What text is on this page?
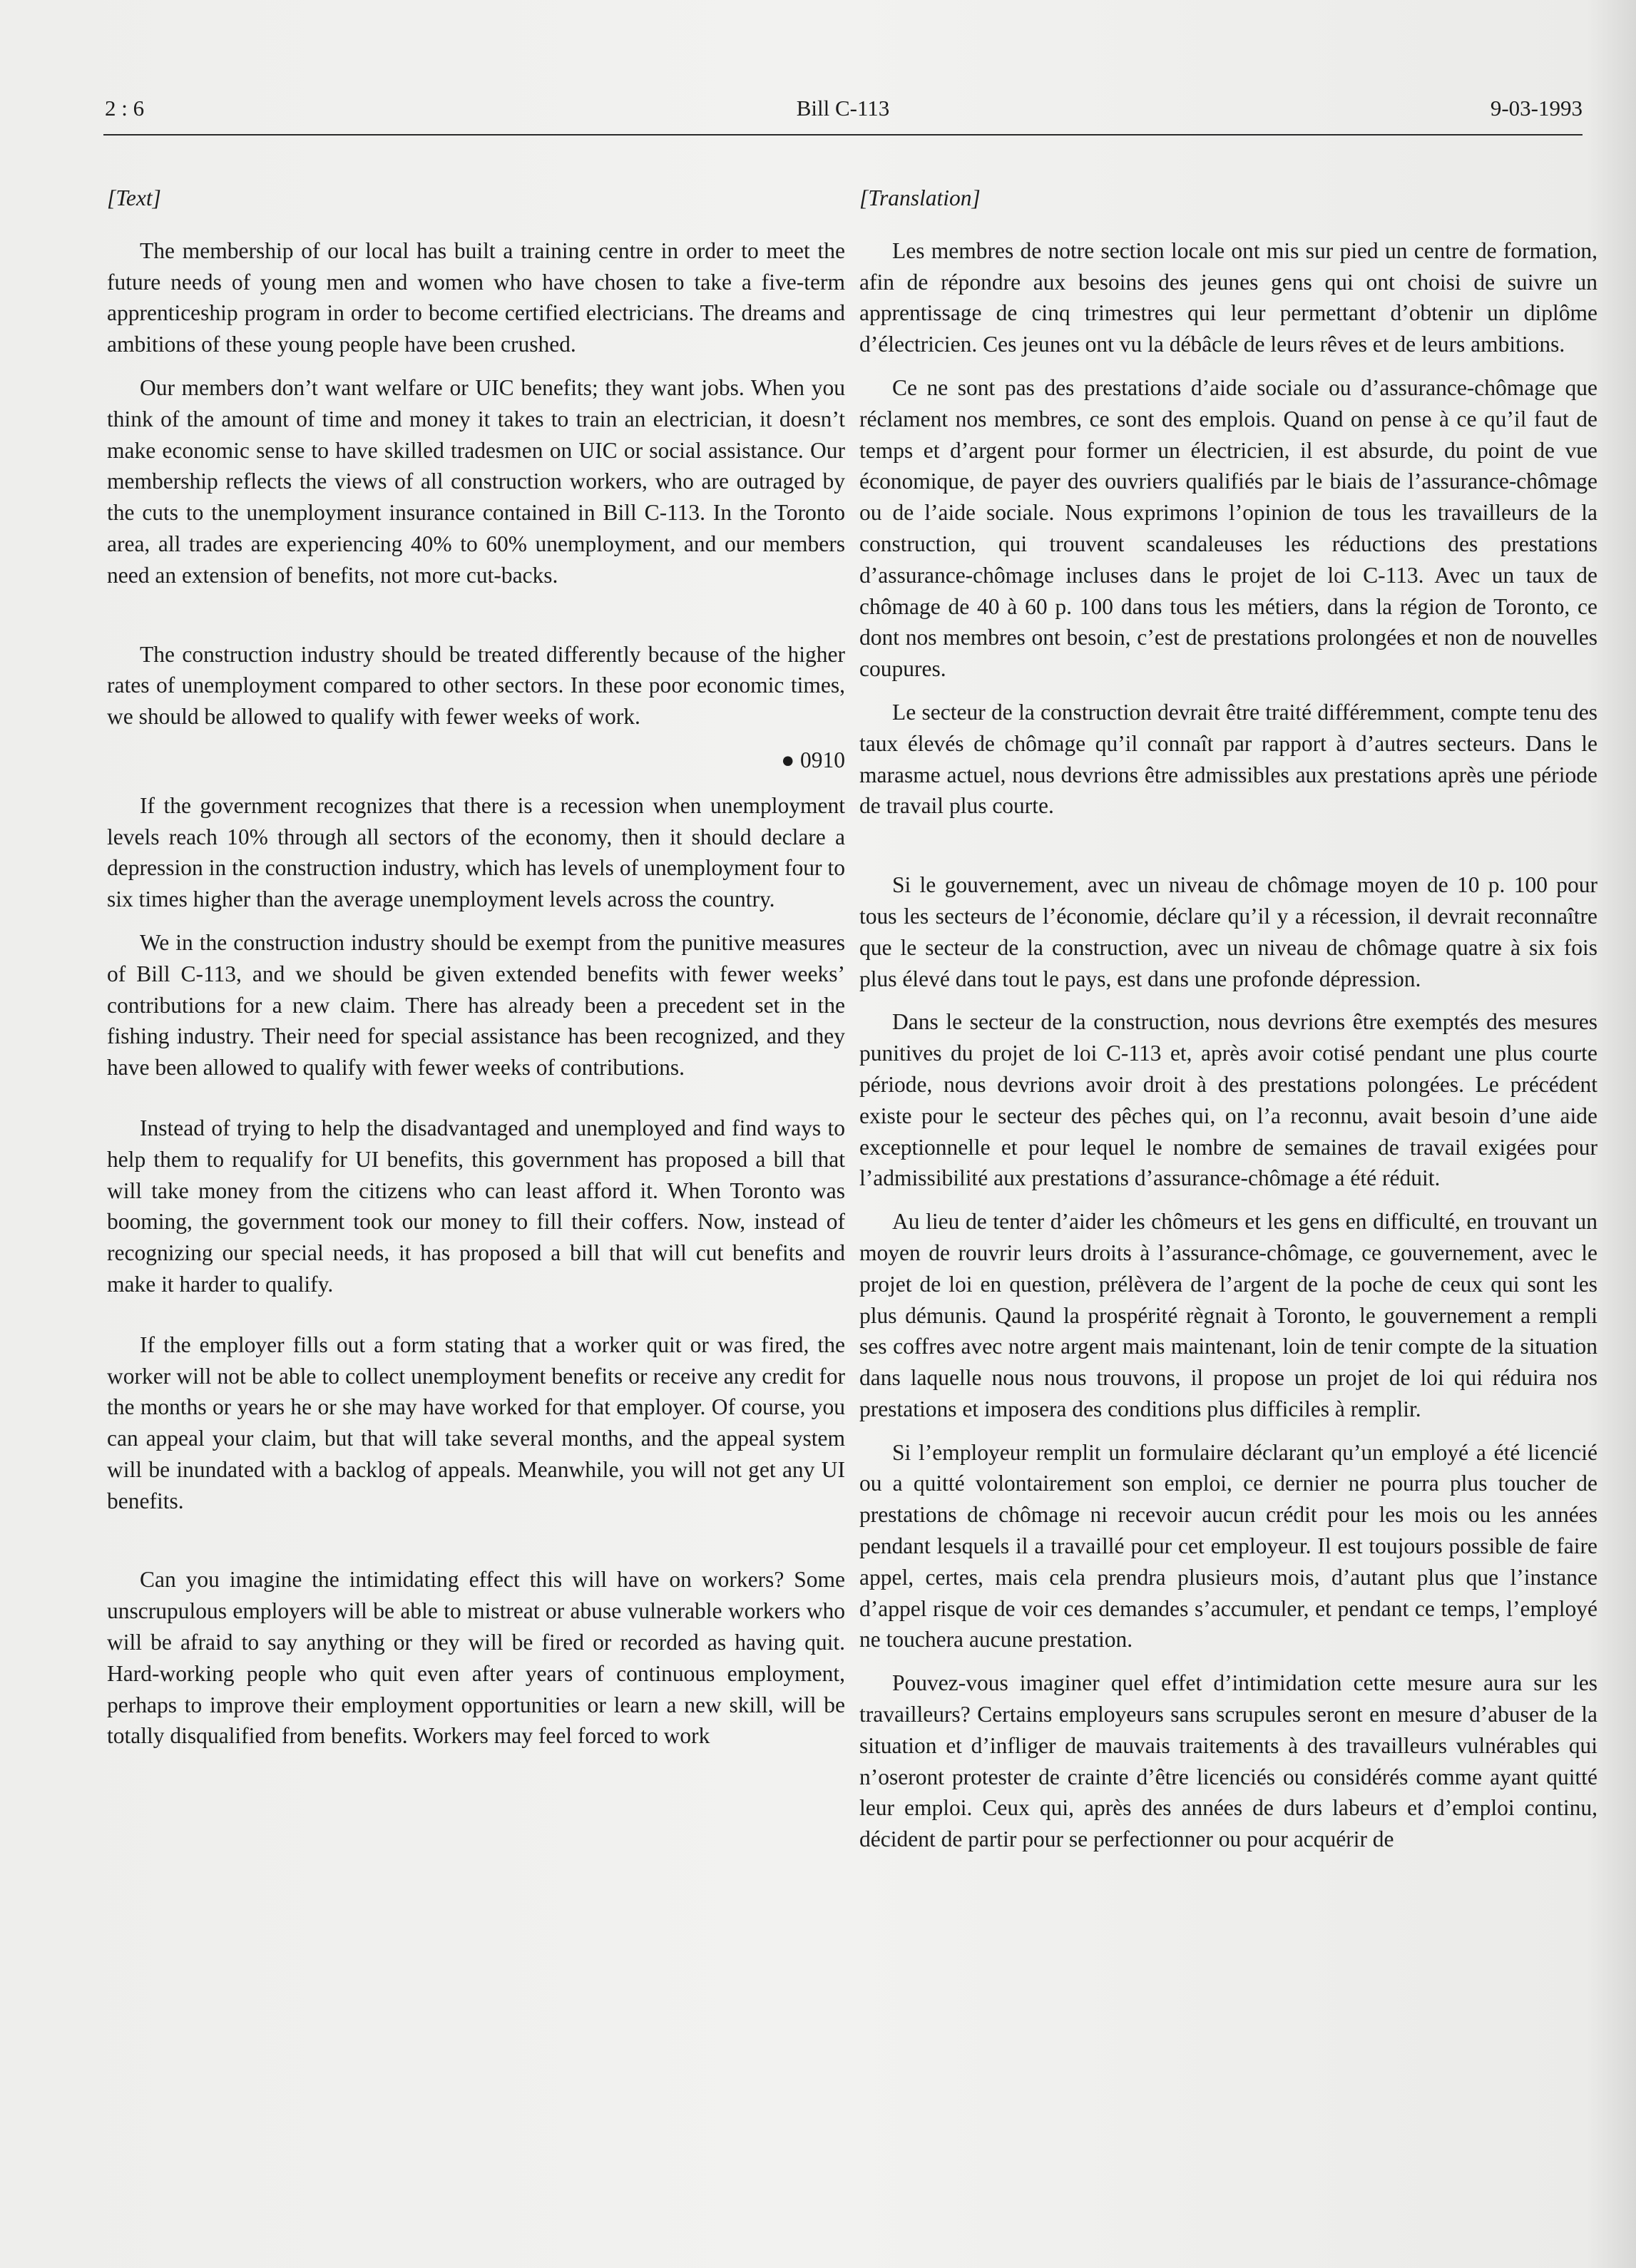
2 : 6	Bill C-113	9-03-1993
[Text]

The membership of our local has built a training centre in order to meet the future needs of young men and women who have chosen to take a five-term apprenticeship program in order to become certified electricians. The dreams and ambitions of these young people have been crushed.

Our members don’t want welfare or UIC benefits; they want jobs. When you think of the amount of time and money it takes to train an electrician, it doesn’t make economic sense to have skilled tradesmen on UIC or social assistance. Our membership reflects the views of all construction workers, who are outraged by the cuts to the unemployment insurance contained in Bill C-113. In the Toronto area, all trades are experiencing 40% to 60% unemployment, and our members need an extension of benefits, not more cut-backs.

The construction industry should be treated differently because of the higher rates of unemployment compared to other sectors. In these poor economic times, we should be allowed to qualify with fewer weeks of work.

● 0910

If the government recognizes that there is a recession when unemployment levels reach 10% through all sectors of the economy, then it should declare a depression in the construction industry, which has levels of unemployment four to six times higher than the average unemployment levels across the country.

We in the construction industry should be exempt from the punitive measures of Bill C-113, and we should be given extended benefits with fewer weeks’ contributions for a new claim. There has already been a precedent set in the fishing industry. Their need for special assistance has been recognized, and they have been allowed to qualify with fewer weeks of contributions.

Instead of trying to help the disadvantaged and unemployed and find ways to help them to requalify for UI benefits, this government has proposed a bill that will take money from the citizens who can least afford it. When Toronto was booming, the government took our money to fill their coffers. Now, instead of recognizing our special needs, it has proposed a bill that will cut benefits and make it harder to qualify.

If the employer fills out a form stating that a worker quit or was fired, the worker will not be able to collect unemployment benefits or receive any credit for the months or years he or she may have worked for that employer. Of course, you can appeal your claim, but that will take several months, and the appeal system will be inundated with a backlog of appeals. Meanwhile, you will not get any UI benefits.

Can you imagine the intimidating effect this will have on workers? Some unscrupulous employers will be able to mistreat or abuse vulnerable workers who will be afraid to say anything or they will be fired or recorded as having quit. Hard-working people who quit even after years of continuous employment, perhaps to improve their employment opportunities or learn a new skill, will be totally disqualified from benefits. Workers may feel forced to work

[Translation]

Les membres de notre section locale ont mis sur pied un centre de formation, afin de répondre aux besoins des jeunes gens qui ont choisi de suivre un apprentissage de cinq trimestres qui leur permettant d’obtenir un diplôme d’électricien. Ces jeunes ont vu la débâcle de leurs rêves et de leurs ambitions.

Ce ne sont pas des prestations d’aide sociale ou d’assurance-chômage que réclament nos membres, ce sont des emplois. Quand on pense à ce qu’il faut de temps et d’argent pour former un électricien, il est absurde, du point de vue économique, de payer des ouvriers qualifiés par le biais de l’assurance-chômage ou de l’aide sociale. Nous exprimons l’opinion de tous les travailleurs de la construction, qui trouvent scandaleuses les réductions des prestations d’assurance-chômage incluses dans le projet de loi C-113. Avec un taux de chômage de 40 à 60 p. 100 dans tous les métiers, dans la région de Toronto, ce dont nos membres ont besoin, c’est de prestations prolongées et non de nouvelles coupures.

Le secteur de la construction devrait être traité différemment, compte tenu des taux élevés de chômage qu’il connaît par rapport à d’autres secteurs. Dans le marasme actuel, nous devrions être admissibles aux prestations après une période de travail plus courte.

Si le gouvernement, avec un niveau de chômage moyen de 10 p. 100 pour tous les secteurs de l’économie, déclare qu’il y a récession, il devrait reconnaître que le secteur de la construction, avec un niveau de chômage quatre à six fois plus élevé dans tout le pays, est dans une profonde dépression.

Dans le secteur de la construction, nous devrions être exemptés des mesures punitives du projet de loi C-113 et, après avoir cotisé pendant une plus courte période, nous devrions avoir droit à des prestations polongées. Le précédent existe pour le secteur des pêches qui, on l’a reconnu, avait besoin d’une aide exceptionnelle et pour lequel le nombre de semaines de travail exigées pour l’admissibilité aux prestations d’assurance-chômage a été réduit.

Au lieu de tenter d’aider les chômeurs et les gens en difficulté, en trouvant un moyen de rouvrir leurs droits à l’assurance-chômage, ce gouvernement, avec le projet de loi en question, prélèvera de l’argent de la poche de ceux qui sont les plus démunis. Qaund la prospérité règnait à Toronto, le gouvernement a rempli ses coffres avec notre argent mais maintenant, loin de tenir compte de la situation dans laquelle nous nous trouvons, il propose un projet de loi qui réduira nos prestations et imposera des conditions plus difficiles à remplir.

Si l’employeur remplit un formulaire déclarant qu’un employé a été licencié ou a quitté volontairement son emploi, ce dernier ne pourra plus toucher de prestations de chômage ni recevoir aucun crédit pour les mois ou les années pendant lesquels il a travaillé pour cet employeur. Il est toujours possible de faire appel, certes, mais cela prendra plusieurs mois, d’autant plus que l’instance d’appel risque de voir ces demandes s’accumuler, et pendant ce temps, l’employé ne touchera aucune prestation.

Pouvez-vous imaginer quel effet d’intimidation cette mesure aura sur les travailleurs? Certains employeurs sans scrupules seront en mesure d’abuser de la situation et d’infliger de mauvais traitements à des travailleurs vulnérables qui n’oseront protester de crainte d’être licenciés ou considérés comme ayant quitté leur emploi. Ceux qui, après des années de durs labeurs et d’emploi continu, décident de partir pour se perfectionner ou pour acquérir de
